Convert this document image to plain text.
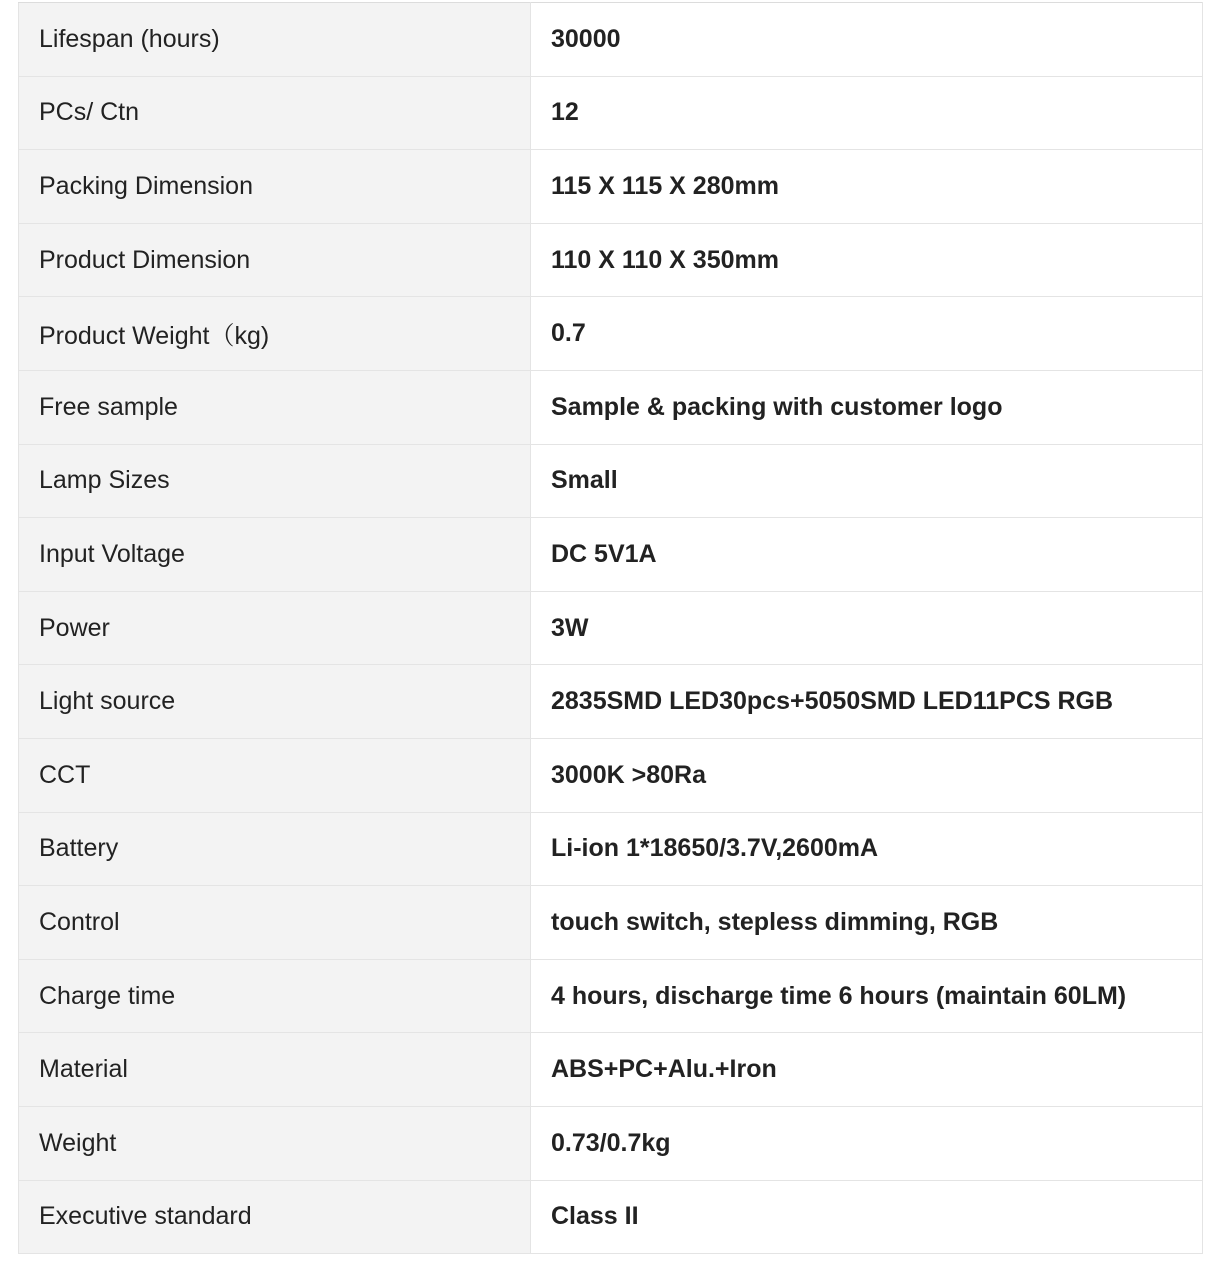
Lifespan (hours)	30000
PCs/ Ctn	12
Packing Dimension	115 X 115 X 280mm
Product Dimension	110 X 110 X 350mm
Product Weight（kg)	0.7
Free sample	Sample & packing with customer logo
Lamp Sizes	Small
Input Voltage	DC 5V1A
Power	3W
Light source	2835SMD LED30pcs+5050SMD LED11PCS RGB
CCT	3000K >80Ra
Battery	Li-ion 1*18650/3.7V,2600mA
Control	touch switch, stepless dimming, RGB
Charge time	4 hours, discharge time 6 hours (maintain 60LM)
Material	ABS+PC+Alu.+Iron
Weight	0.73/0.7kg
Executive standard	Class II
